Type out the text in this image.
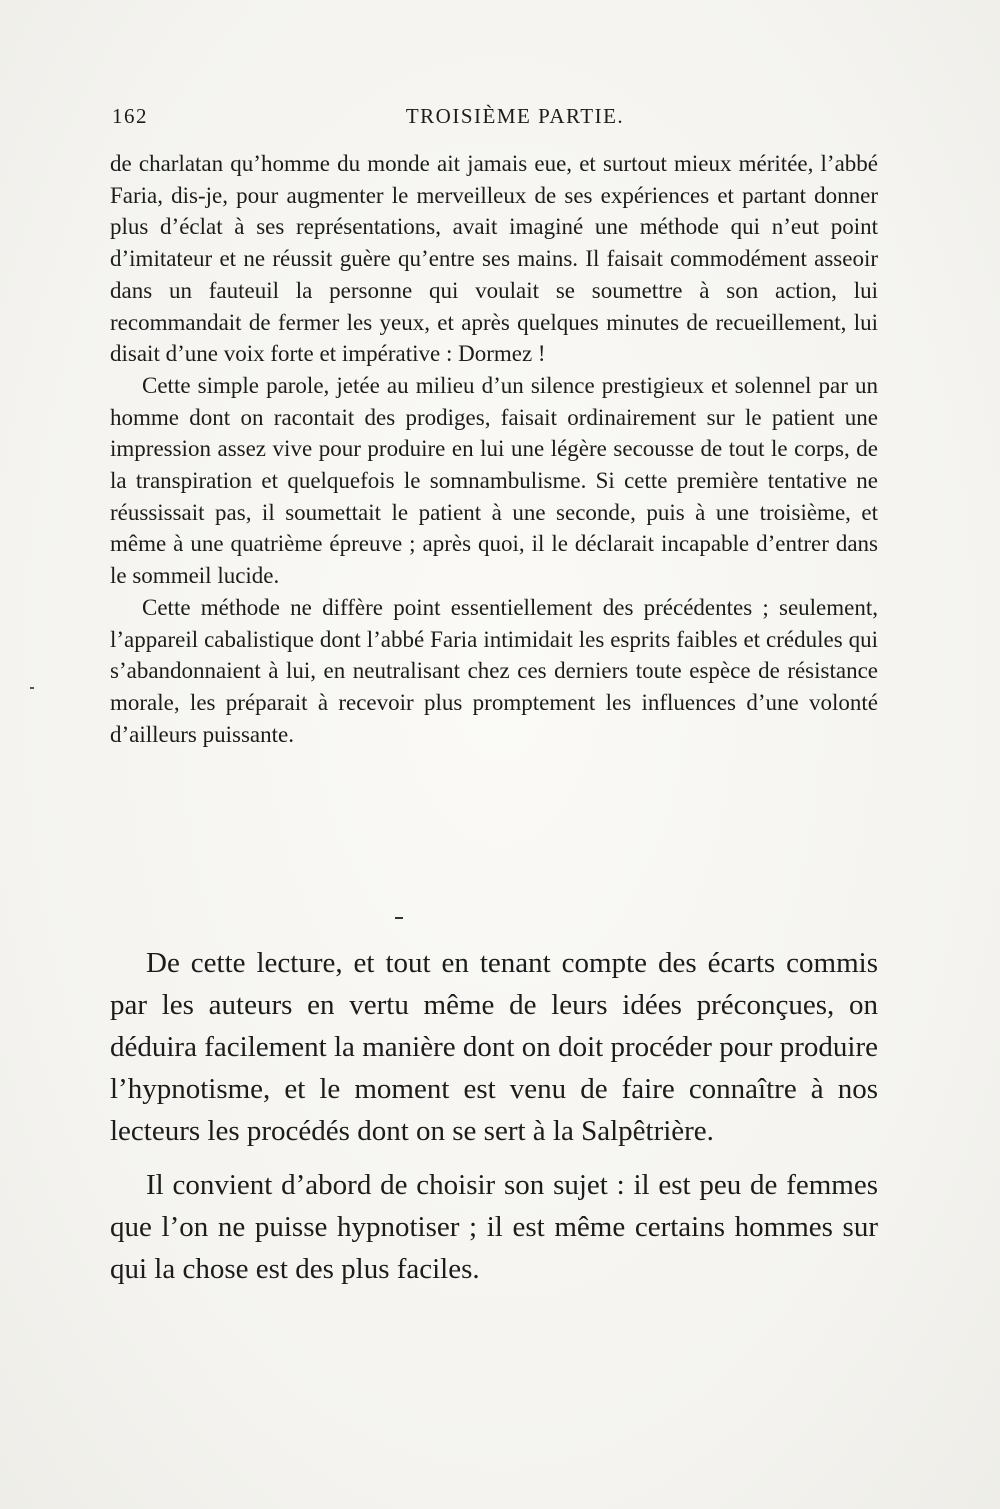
162	TROISIÈME PARTIE.

de charlatan qu’homme du monde ait jamais eue, et surtout mieux méritée, l’abbé Faria, dis-je, pour augmenter le merveilleux de ses expériences et partant donner plus d’éclat à ses représentations, avait imaginé une méthode qui n’eut point d’imitateur et ne réussit guère qu’entre ses mains. Il faisait commodément asseoir dans un fauteuil la personne qui voulait se soumettre à son action, lui recommandait de fermer les yeux, et après quelques minutes de recueillement, lui disait d’une voix forte et impérative : Dormez !

Cette simple parole, jetée au milieu d’un silence prestigieux et solennel par un homme dont on racontait des prodiges, faisait ordinairement sur le patient une impression assez vive pour produire en lui une légère secousse de tout le corps, de la transpiration et quelquefois le somnambulisme. Si cette première tentative ne réussissait pas, il soumettait le patient à une seconde, puis à une troisième, et même à une quatrième épreuve ; après quoi, il le déclarait incapable d’entrer dans le sommeil lucide.

Cette méthode ne diffère point essentiellement des précédentes ; seulement, l’appareil cabalistique dont l’abbé Faria intimidait les esprits faibles et crédules qui s’abandonnaient à lui, en neutralisant chez ces derniers toute espèce de résistance morale, les préparait à recevoir plus promptement les influences d’une volonté d’ailleurs puissante.

De cette lecture, et tout en tenant compte des écarts commis par les auteurs en vertu même de leurs idées préconçues, on déduira facilement la manière dont on doit procéder pour produire l’hypnotisme, et le moment est venu de faire connaître à nos lecteurs les procédés dont on se sert à la Salpêtrière.

Il convient d’abord de choisir son sujet : il est peu de femmes que l’on ne puisse hypnotiser ; il est même certains hommes sur qui la chose est des plus faciles.
